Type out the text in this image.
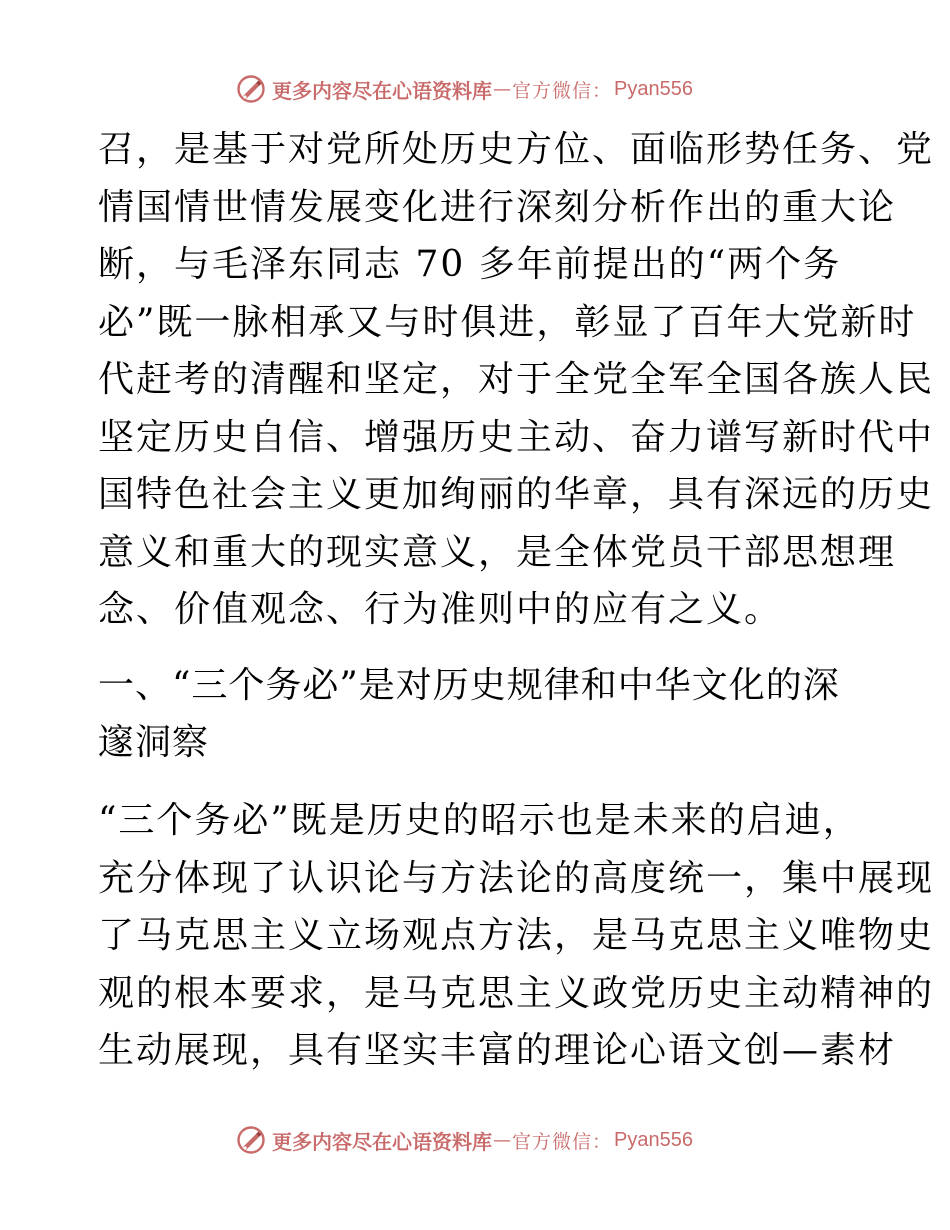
更多内容尽在心语资料库 — 官方微信： Pyan556
召，是基于对党所处历史方位、面临形势任务、党
情国情世情发展变化进行深刻分析作出的重大论
断，与毛泽东同志 70 多年前提出的“两个务
必”既一脉相承又与时俱进，彰显了百年大党新时
代赶考的清醒和坚定，对于全党全军全国各族人民
坚定历史自信、增强历史主动、奋力谱写新时代中
国特色社会主义更加绚丽的华章，具有深远的历史
意义和重大的现实意义，是全体党员干部思想理
念、价值观念、行为准则中的应有之义。
一、“三个务必”是对历史规律和中华文化的深
邃洞察
“三个务必”既是历史的昭示也是未来的启迪，
充分体现了认识论与方法论的高度统一，集中展现
了马克思主义立场观点方法，是马克思主义唯物史
观的根本要求，是马克思主义政党历史主动精神的
生动展现，具有坚实丰富的理论心语文创—素材
更多内容尽在心语资料库 — 官方微信： Pyan556
